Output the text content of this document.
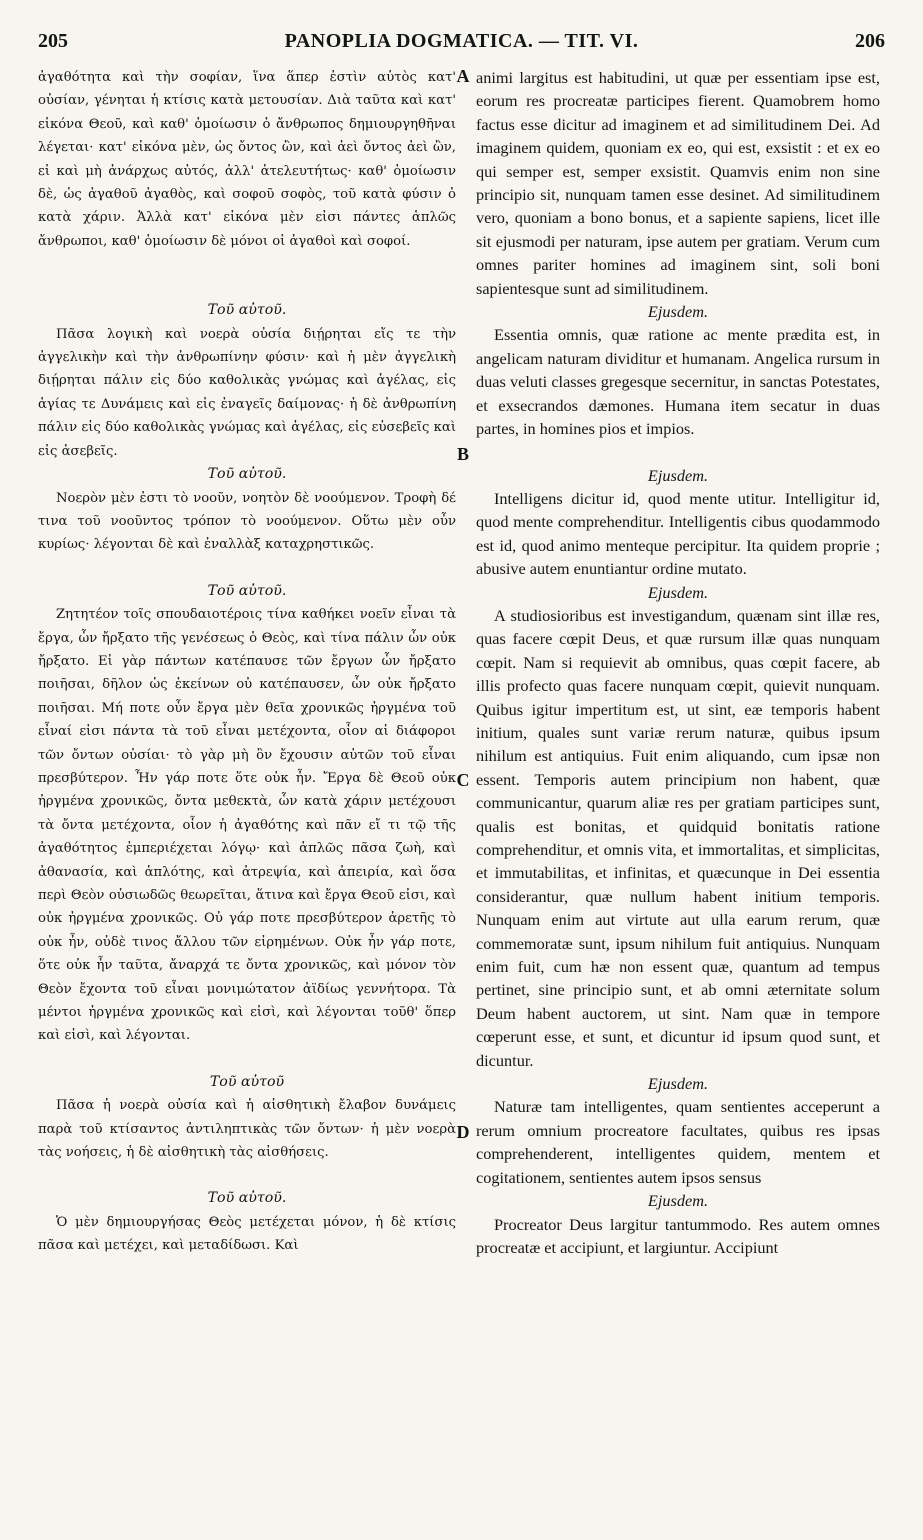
205	PANOPLIA DOGMATICA. — TIT. VI.	206
A
B
C
D

ἀγαθότητα καὶ τὴν σοφίαν, ἵνα ἅπερ ἐστὶν αὐτὸς κατ' οὐσίαν, γένηται ἡ κτίσις κατὰ μετουσίαν. Διὰ ταῦτα καὶ κατ' εἰκόνα Θεοῦ, καὶ καθ' ὁμοίωσιν ὁ ἄνθρωπος δημιουργηθῆναι λέγεται· κατ' εἰκόνα μὲν, ὡς ὄντος ὢν, καὶ ἀεὶ ὄντος ἀεὶ ὢν, εἰ καὶ μὴ ἀνάρχως αὐτός, ἀλλ' ἀτελευτήτως· καθ' ὁμοίωσιν δὲ, ὡς ἀγαθοῦ ἀγαθὸς, καὶ σοφοῦ σοφὸς, τοῦ κατὰ φύσιν ὁ κατὰ χάριν. Ἀλλὰ κατ' εἰκόνα μὲν εἰσι πάντες ἁπλῶς ἄνθρωποι, καθ' ὁμοίωσιν δὲ μόνοι οἱ ἀγαθοὶ καὶ σοφοί.

Τοῦ αὐτοῦ.

Πᾶσα λογικὴ καὶ νοερὰ οὐσία διῄρηται εἴς τε τὴν ἀγγελικὴν καὶ τὴν ἀνθρωπίνην φύσιν· καὶ ἡ μὲν ἀγγελικὴ διῄρηται πάλιν εἰς δύο καθολικὰς γνώμας καὶ ἀγέλας, εἰς ἁγίας τε Δυνάμεις καὶ εἰς ἐναγεῖς δαίμονας· ἡ δὲ ἀνθρωπίνη πάλιν εἰς δύο καθολικὰς γνώμας καὶ ἀγέλας, εἰς εὐσεβεῖς καὶ εἰς ἀσεβεῖς.

Τοῦ αὐτοῦ.

Νοερὸν μὲν ἐστι τὸ νοοῦν, νοητὸν δὲ νοούμενον. Τροφὴ δέ τινα τοῦ νοοῦντος τρόπον τὸ νοούμενον. Οὕτω μὲν οὖν κυρίως· λέγονται δὲ καὶ ἐναλλὰξ καταχρηστικῶς.

Τοῦ αὐτοῦ.

Ζητητέον τοῖς σπουδαιοτέροις τίνα καθήκει νοεῖν εἶναι τὰ ἔργα, ὧν ἤρξατο τῆς γενέσεως ὁ Θεὸς, καὶ τίνα πάλιν ὧν οὐκ ἤρξατο. Εἰ γὰρ πάντων κατέπαυσε τῶν ἔργων ὧν ἤρξατο ποιῆσαι, δῆλον ὡς ἐκείνων οὐ κατέπαυσεν, ὧν οὐκ ἤρξατο ποιῆσαι. Μή ποτε οὖν ἔργα μὲν θεῖα χρονικῶς ἠργμένα τοῦ εἶναί εἰσι πάντα τὰ τοῦ εἶναι μετέχοντα, οἷον αἱ διάφοροι τῶν ὄντων οὐσίαι· τὸ γὰρ μὴ ὂν ἔχουσιν αὐτῶν τοῦ εἶναι πρεσβύτερον. Ἦν γάρ ποτε ὅτε οὐκ ἦν. Ἔργα δὲ Θεοῦ οὐκ ἠργμένα χρονικῶς, ὄντα μεθεκτὰ, ὧν κατὰ χάριν μετέχουσι τὰ ὄντα μετέχοντα, οἷον ἡ ἀγαθότης καὶ πᾶν εἴ τι τῷ τῆς ἀγαθότητος ἐμπεριέχεται λόγῳ· καὶ ἁπλῶς πᾶσα ζωὴ, καὶ ἀθανασία, καὶ ἁπλότης, καὶ ἀτρεψία, καὶ ἀπειρία, καὶ ὅσα περὶ Θεὸν οὐσιωδῶς θεωρεῖται, ἅτινα καὶ ἔργα Θεοῦ εἰσι, καὶ οὐκ ἠργμένα χρονικῶς. Οὐ γάρ ποτε πρεσβύτερον ἀρετῆς τὸ οὐκ ἦν, οὐδὲ τινος ἄλλου τῶν εἰρημένων. Οὐκ ἦν γάρ ποτε, ὅτε οὐκ ἦν ταῦτα, ἄναρχά τε ὄντα χρονικῶς, καὶ μόνον τὸν Θεὸν ἔχοντα τοῦ εἶναι μονιμώτατον ἀϊδίως γεννήτορα. Τὰ μέντοι ἠργμένα χρονικῶς καὶ εἰσὶ, καὶ λέγονται τοῦθ' ὅπερ καὶ εἰσὶ, καὶ λέγονται.

Τοῦ αὐτοῦ

Πᾶσα ἡ νοερὰ οὐσία καὶ ἡ αἰσθητικὴ ἔλαβον δυνάμεις παρὰ τοῦ κτίσαντος ἀντιληπτικὰς τῶν ὄντων· ἡ μὲν νοερὰ τὰς νοήσεις, ἡ δὲ αἰσθητικὴ τὰς αἰσθήσεις.

Τοῦ αὐτοῦ.

Ὁ μὲν δημιουργήσας Θεὸς μετέχεται μόνον, ἡ δὲ κτίσις πᾶσα καὶ μετέχει, καὶ μεταδίδωσι. Καὶ

animi largitus est habitudini, ut quæ per essentiam ipse est, eorum res procreatæ participes fierent. Quamobrem homo factus esse dicitur ad imaginem et ad similitudinem Dei. Ad imaginem quidem, quoniam ex eo, qui est, exsistit : et ex eo qui semper est, semper exsistit. Quamvis enim non sine principio sit, nunquam tamen esse desinet. Ad similitudinem vero, quoniam a bono bonus, et a sapiente sapiens, licet ille sit ejusmodi per naturam, ipse autem per gratiam. Verum cum omnes pariter homines ad imaginem sint, soli boni sapientesque sunt ad similitudinem.

Ejusdem.

Essentia omnis, quæ ratione ac mente prædita est, in angelicam naturam dividitur et humanam. Angelica rursum in duas veluti classes gregesque secernitur, in sanctas Potestates, et exsecrandos dæmones. Humana item secatur in duas partes, in homines pios et impios.

Ejusdem.

Intelligens dicitur id, quod mente utitur. Intelligitur id, quod mente comprehenditur. Intelligentis cibus quodammodo est id, quod animo menteque percipitur. Ita quidem proprie ; abusive autem enuntiantur ordine mutato.

Ejusdem.

A studiosioribus est investigandum, quænam sint illæ res, quas facere cœpit Deus, et quæ rursum illæ quas nunquam cœpit. Nam si requievit ab omnibus, quas cœpit facere, ab illis profecto quas facere nunquam cœpit, quievit nunquam. Quibus igitur impertitum est, ut sint, eæ temporis habent initium, quales sunt variæ rerum naturæ, quibus ipsum nihilum est antiquius. Fuit enim aliquando, cum ipsæ non essent. Temporis autem principium non habent, quæ communicantur, quarum aliæ res per gratiam participes sunt, qualis est bonitas, et quidquid bonitatis ratione comprehenditur, et omnis vita, et immortalitas, et simplicitas, et immutabilitas, et infinitas, et quæcunque in Dei essentia considerantur, quæ nullum habent initium temporis. Nunquam enim aut virtute aut ulla earum rerum, quæ commemoratæ sunt, ipsum nihilum fuit antiquius. Nunquam enim fuit, cum hæ non essent quæ, quantum ad tempus pertinet, sine principio sunt, et ab omni æternitate solum Deum habent auctorem, ut sint. Nam quæ in tempore cœperunt esse, et sunt, et dicuntur id ipsum quod sunt, et dicuntur.

Ejusdem.

Naturæ tam intelligentes, quam sentientes acceperunt a rerum omnium procreatore facultates, quibus res ipsas comprehenderent, intelligentes quidem, mentem et cogitationem, sentientes autem ipsos sensus

Ejusdem.

Procreator Deus largitur tantummodo. Res autem omnes procreatæ et accipiunt, et largiuntur. Accipiunt
